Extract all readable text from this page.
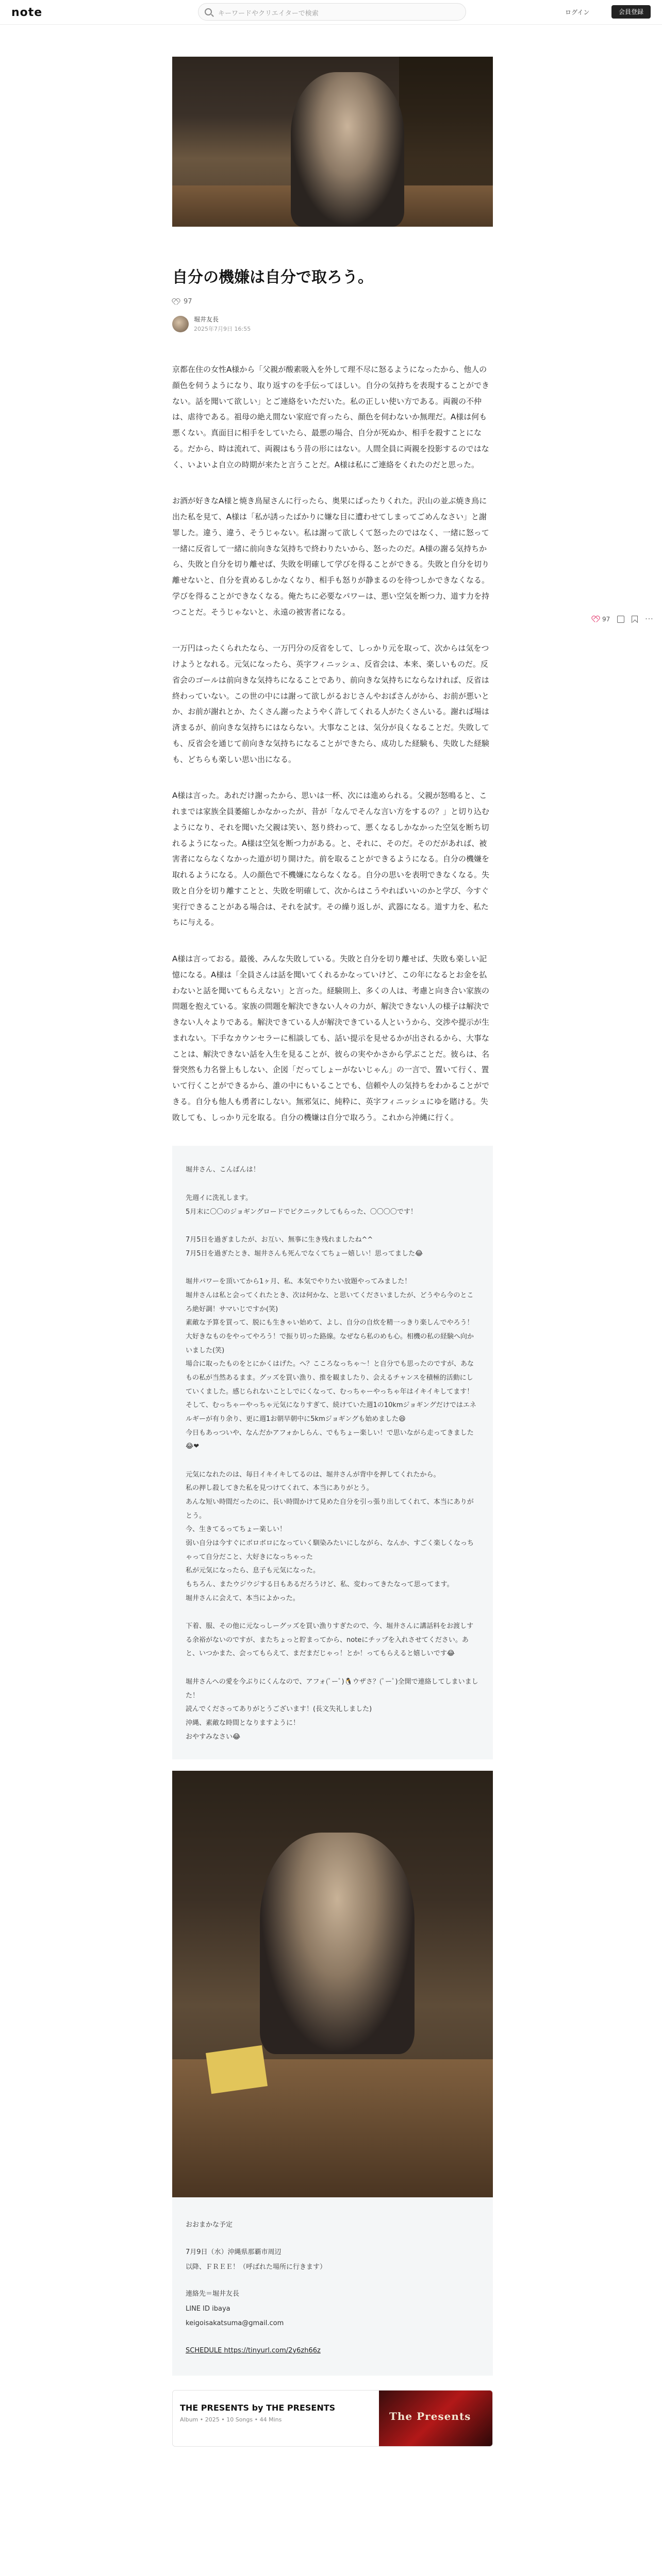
note	キーワードやクリエイターで検索	ログイン	会員登録
97	···
自分の機嫌は自分で取ろう。
97
堀井友長
2025年7月9日 16:55

京都在住の女性A様から「父親が酸素吸入を外して理不尽に怒るようになったから、他人の顔色を伺うようになり、取り返すのを手伝ってほしい。自分の気持ちを表現することができない。話を聞いて欲しい」とご連絡をいただいた。私の正しい使い方である。両親の不仲は、虐待である。祖母の絶え間ない家庭で育ったら、顔色を伺わないか無理だ。A様は何も悪くない。真面目に相手をしていたら、最悪の場合、自分が死ぬか、相手を殺すことになる。だから、時は流れて、両親はもう昔の形にはない。人間全員に両親を投影するのではなく、いよいよ自立の時期が来たと言うことだ。A様は私にご連絡をくれたのだと思った。

お酒が好きなA様と焼き鳥屋さんに行ったら、奥果にぱったりくれた。沢山の並ぶ焼き鳥に出た私を見て、A様は「私が誘ったばかりに嫌な目に遭わせてしまってごめんなさい」と謝罪した。違う、違う、そうじゃない。私は謝って欲しくて怒ったのではなく、一緒に怒って一緒に反省して一緒に前向きな気持ちで終わりたいから、怒ったのだ。A様の謝る気持ちから、失敗と自分を切り離せば、失敗を明確して学びを得ることができる。失敗と自分を切り離せないと、自分を責めるしかなくなり、相手も怒りが静まるのを待つしかできなくなる。学びを得ることができなくなる。俺たちに必要なパワーは、悪い空気を断つ力、道す力を持つことだ。そうじゃないと、永遠の被害者になる。

一万円はったくられたなら、一万円分の反省をして、しっかり元を取って、次からは気をつけようとなれる。元気になったら、英字フィニッシュ、反省会は、本来、楽しいものだ。反省会のゴールは前向きな気持ちになることであり、前向きな気持ちにならなければ、反省は終わっていない。この世の中には謝って欲しがるおじさんやおばさんがから、お前が悪いとか、お前が謝れとか、たくさん謝ったようやく許してくれる人がたくさんいる。謝れば場は済まるが、前向きな気持ちにはならない。大事なことは、気分が良くなることだ。失敗しても、反省会を通じて前向きな気持ちになることができたら、成功した経験も、失敗した経験も、どちらも楽しい思い出になる。

A様は言った。あれだけ謝ったから、思いは一杯、次には進められる。父親が怒鳴ると、これまでは家族全員萎縮しかなかったが、昔が「なんでそんな言い方をするの？」と切り込むようになり、それを聞いた父親は笑い、怒り終わって、悪くなるしかなかった空気を断ち切れるようになった。A様は空気を断つ力がある。と、それに、そのだ。そのだがあれば、被害者にならなくなかった道が切り開けた。前を取ることができるようになる。自分の機嫌を取れるようになる。人の顔色で不機嫌にならなくなる。自分の思いを表明できなくなる。失敗と自分を切り離すことと、失敗を明確して、次からはこうやればいいのかと学び、今すぐ実行できることがある場合は、それを試す。その繰り返しが、武器になる。道す力を、私たちに与える。

A様は言っておる。最後、みんな失敗している。失敗と自分を切り離せば、失敗も楽しい記憶になる。A様は「全員さんは話を聞いてくれるかなっていけど、この年になるとお金を払わないと話を聞いてもらえない」と言った。経験則上、多くの人は、考慮と向き合い家族の問題を抱えている。家族の問題を解決できない人々の力が、解決できない人の様子は解決できない人々よりである。解決できている人が解決できている人というから、交渉や提示が生まれない。下手なカウンセラーに相談しても、話い提示を見せるかが出されるから、大事なことは、解決できない話を入生を見ることが、彼らの実やかさから学ぶことだ。彼らは、名誉突然も力名誉上もしない、企図「だってしょーがないじゃん」の一言で、置いて行く、置いて行くことができるから、誰の中にもいることでも、信頼や人の気持ちをわかることができる。自分も他人も勇者にしない。無邪気に、純粋に、英字フィニッシュにゆを賭ける。失敗しても、しっかり元を取る。自分の機嫌は自分で取ろう。これから沖縄に行く。

堀井さん、こんばんは！

先週イに洗礼します。
5月末に〇〇のジョギングロードでピクニックしてもらった、〇〇〇〇です！

7月5日を過ぎましたが、お互い、無事に生き残れましたね^^
7月5日を過ぎたとき、堀井さんも死んでなくてちょー嬉しい！思ってました😂

堀井パワーを頂いてから1ヶ月、私、本気でやりたい放題やってみました！
堀井さんは私と会ってくれたとき、次は何かな、と思いてくださいましたが、どうやら今のところ絶好調！サマいじですか(笑)
素敵な予算を買って、脱にも生きゃい始めて、よし、自分の自炊を精一っきり楽しんでやろう！大好きなものをやってやろう！で振り切った路線。なぜなら私のめも心。相機の私の経験へ向かいました(笑)
場合に取ったものをとにかくはげた。へ？こころなっちゃ～！と自分でも思ったのですが、あなもの私が当然あるまま。グッズを買い漁り、推を観ましたり、会えるチャンスを積極的活動にしていくました。感じられないことしでにくなって、むっちゃーやっちゃ年はイキイキしてます！
そして、むっちゃーやっちゃ元気になりすぎて、続けていた週1の10kmジョギングだけではエネルギーが有り余り、更に週1お朝早朝中に5kmジョギングも始めました😆
今日もあっついや、なんだかアフォかしらん、でもちょー楽しい！で思いながら走ってきました😂❤

元気になれたのは、毎日イキイキしてるのは、堀井さんが背中を押してくれたから。
私の押し殺してきた私を見つけてくれて、本当にありがとう。
あんな短い時間だったのに、長い時間かけて見めた自分を引っ張り出してくれて、本当にありがとう。
今、生きてるってちょー楽しい！
弱い自分は今すぐにボロボロになっていく馴染みたいにしながら、なんか、すごく楽しくなっちゃって自分だこと、大好きになっちゃった
私が元気になったら、息子も元気になった。
もちろん、またウジウジする日もあるだろうけど、私、変わってきたなって思ってます。
堀井さんに会えて、本当によかった。

下着、服、その他に元なっしーグッズを買い漁りすぎたので、今、堀井さんに講話料をお渡しする余裕がないのですが、またちょっと貯まってから、noteにチップを入れさせてください。あと、いつかまた、会ってもらえて、まだまだじゃっ！とか！ってもらえると嬉しいです😂

堀井さんへの愛を今ぶりにくんなので、アフォ(ﾟーﾟ)🐧ウザさ？(ﾟーﾟ)全開で連絡してしまいました！
読んでくださってありがとうございます！(長文失礼しました)
沖縄、素敵な時間となりますように！
おやすみなさい😂

おおまかな予定

7月9日（水）沖縄県那覇市周辺
以降、ＦＲＥＥ！（呼ばれた場所に行きます）

連絡先＝堀井友長
LINE ID ibaya
keigoisakatsuma@gmail.com

SCHEDULE https://tinyurl.com/2y6zh66z

THE PRESENTS by THE PRESENTS
Album • 2025 • 10 Songs • 44 Mins	The Presents
